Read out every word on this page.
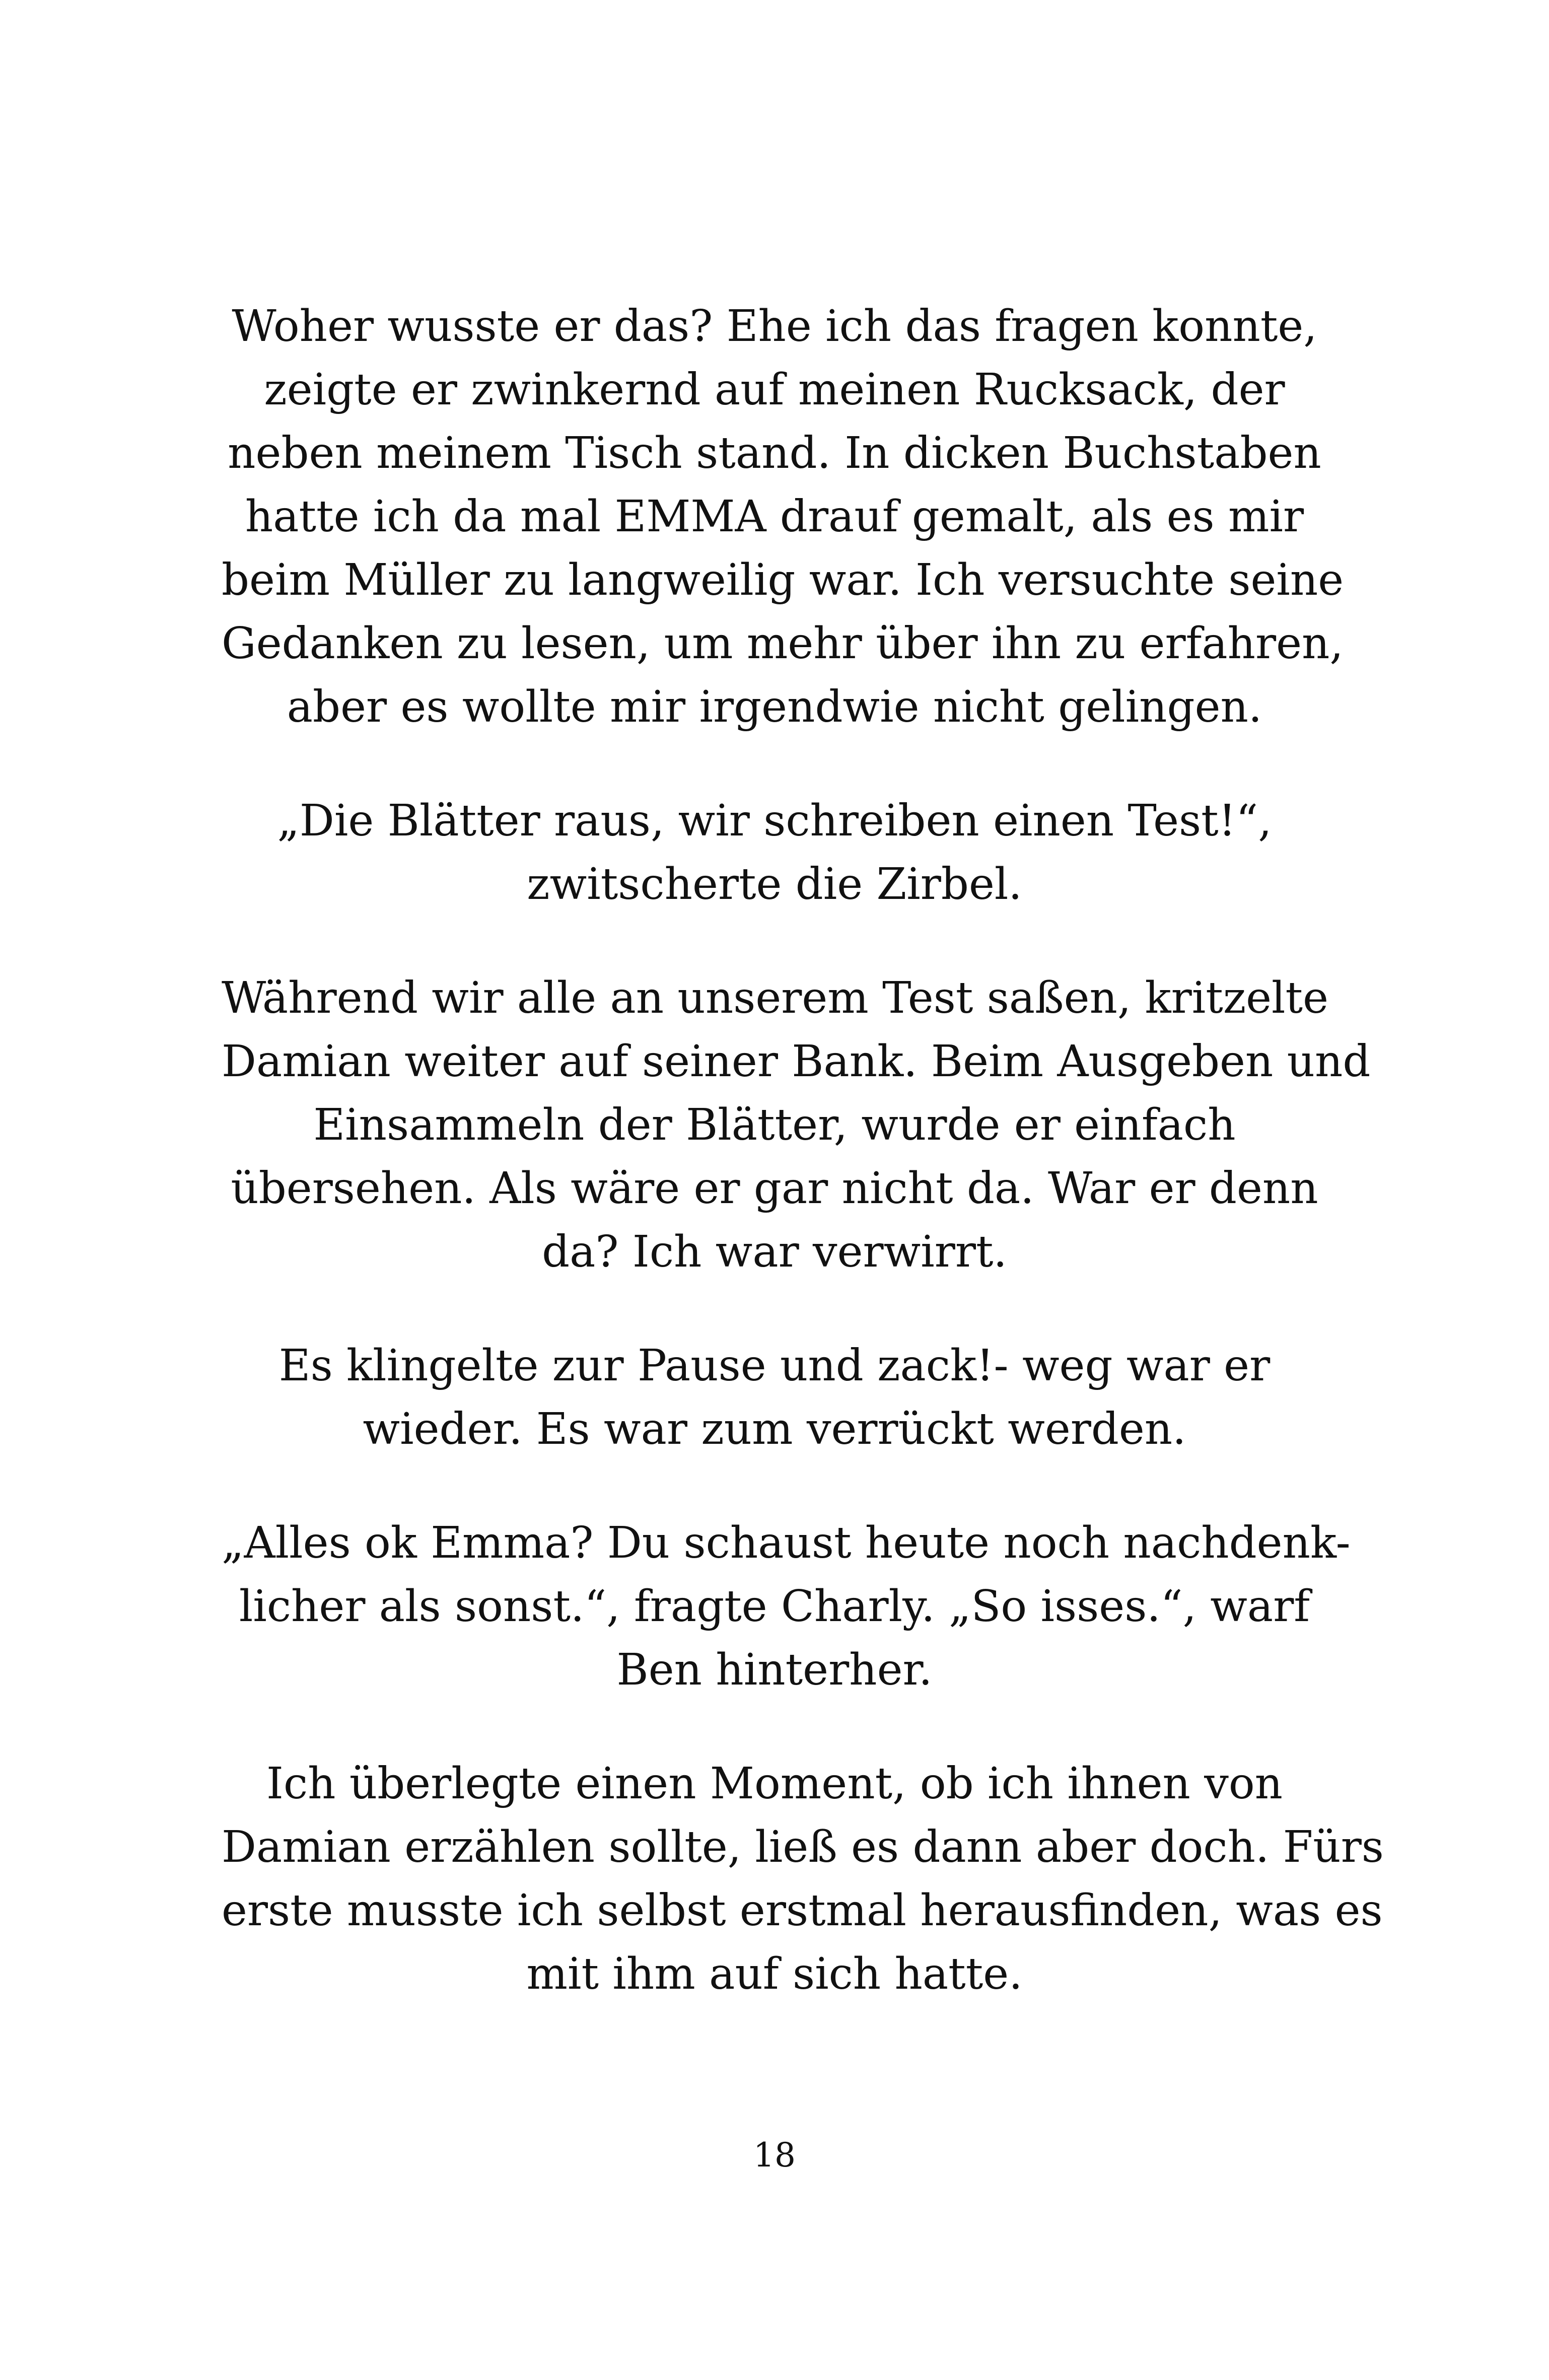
Woher wusste er das? Ehe ich das fragen konnte,
zeigte er zwinkernd auf meinen Rucksack, der
neben meinem Tisch stand. In dicken Buchstaben
hatte ich da mal EMMA drauf gemalt, als es mir
beim Müller zu langweilig war. Ich versuchte seine
Gedanken zu lesen, um mehr über ihn zu erfahren,
aber es wollte mir irgendwie nicht gelingen.

„Die Blätter raus, wir schreiben einen Test!“,
zwitscherte die Zirbel.

Während wir alle an unserem Test saßen, kritzelte
Damian weiter auf seiner Bank. Beim Ausgeben und
Einsammeln der Blätter, wurde er einfach
übersehen. Als wäre er gar nicht da. War er denn
da? Ich war verwirrt.

Es klingelte zur Pause und zack!- weg war er
wieder. Es war zum verrückt werden.

„Alles ok Emma? Du schaust heute noch nachdenk-
licher als sonst.“, fragte Charly. „So isses.“, warf
Ben hinterher.

Ich überlegte einen Moment, ob ich ihnen von
Damian erzählen sollte, ließ es dann aber doch. Fürs
erste musste ich selbst erstmal herausfinden, was es
mit ihm auf sich hatte.

18
